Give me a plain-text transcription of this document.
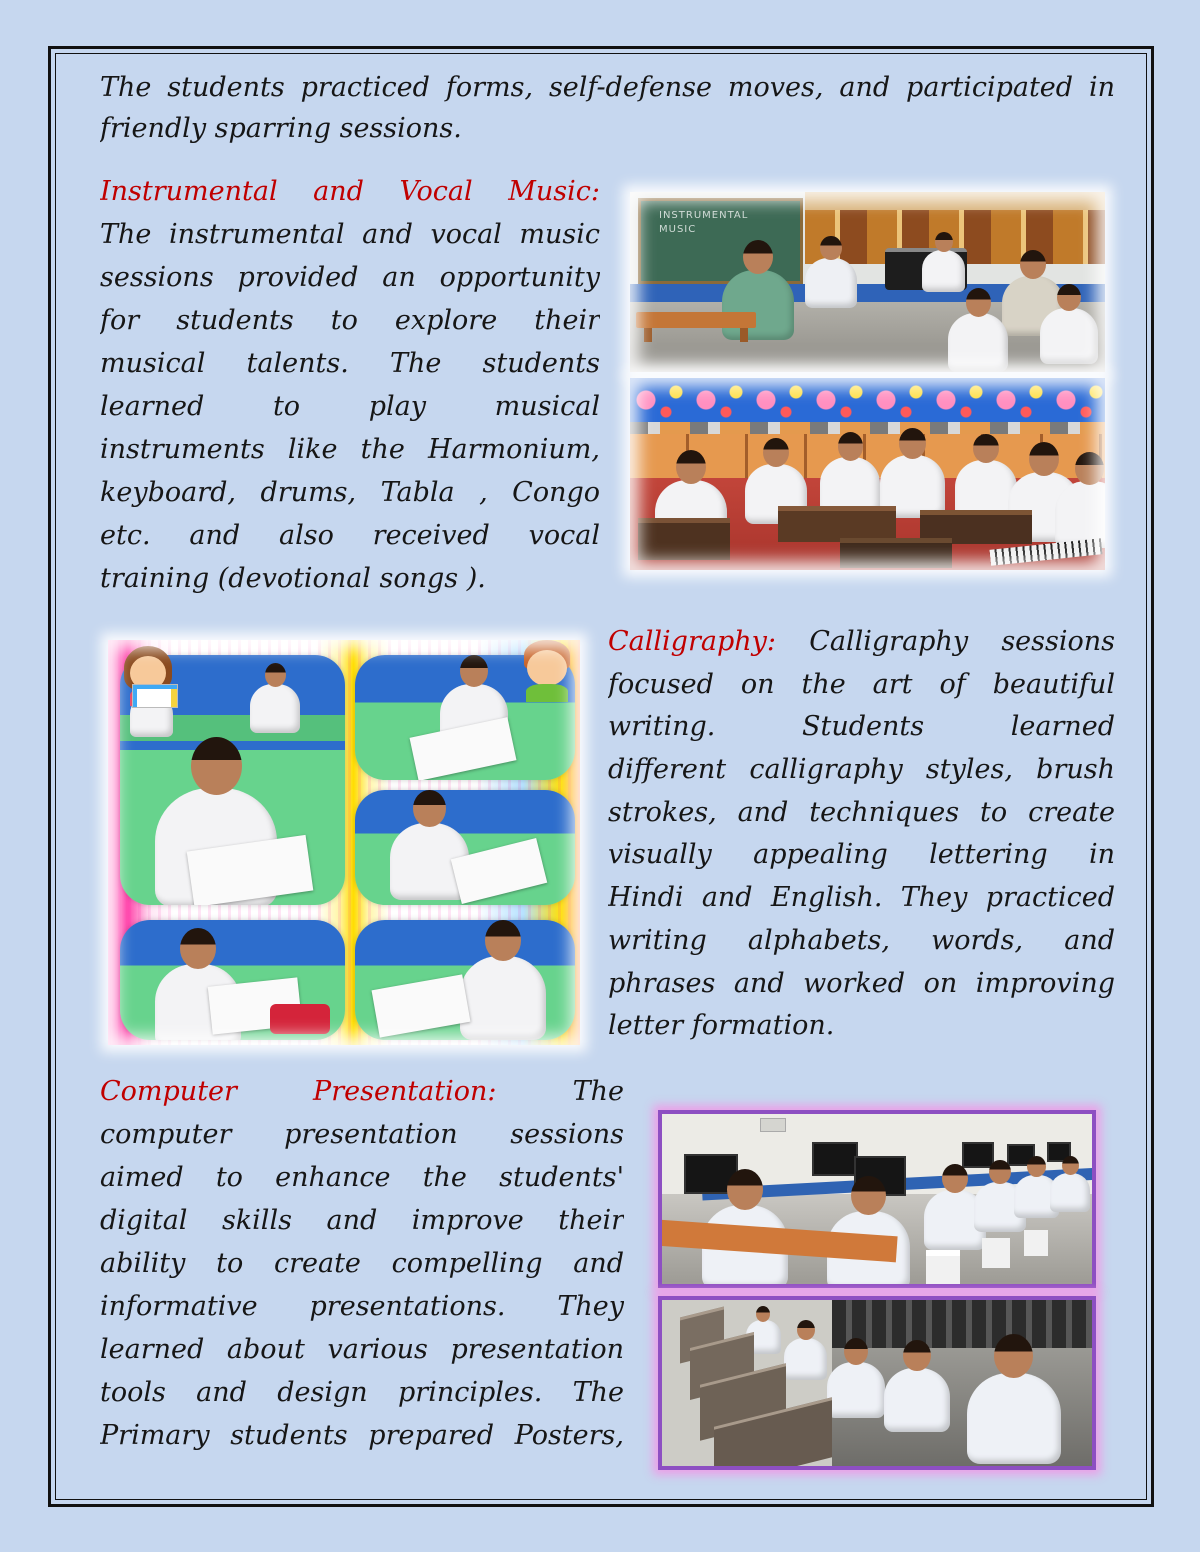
The students practiced forms, self-defense moves, and participated in
friendly sparring sessions.
Instrumental and Vocal Music:
The instrumental and vocal music
sessions provided an opportunity
for students to explore their
musical talents. The students
learned to play musical
instruments like the Harmonium,
keyboard, drums, Tabla , Congo
etc. and also received vocal
training (devotional songs ).
INSTRUMENTAL MUSIC
Calligraphy: Calligraphy sessions
focused on the art of beautiful
writing. Students learned
different calligraphy styles, brush
strokes, and techniques to create
visually appealing lettering in
Hindi and English. They practiced
writing alphabets, words, and
phrases and worked on improving
letter formation.
Computer Presentation:	The
computer presentation sessions
aimed to enhance the students'
digital skills and improve their
ability to create compelling and
informative presentations. They
learned about various presentation
tools and design principles. The
Primary students prepared Posters,
